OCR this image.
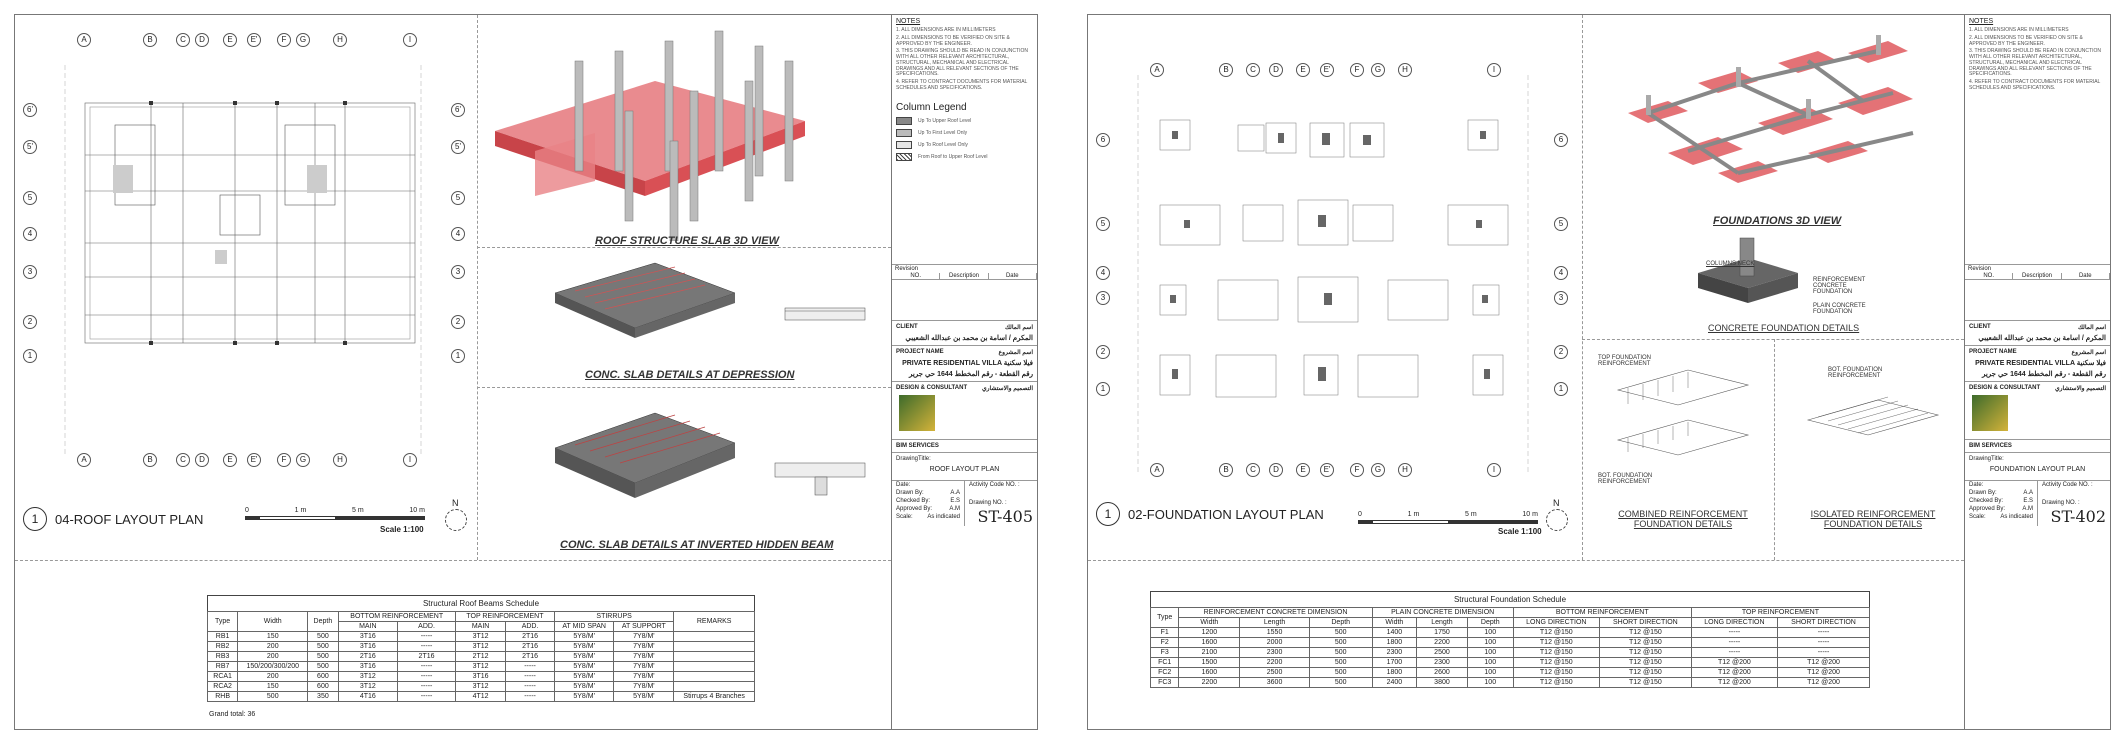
A
A
B
B
C
C
D
D
E
E
E'
E'
F
F
G
G
H
H
I
I
6'	6'
5'	5'
5	5
4	4
3	3
2	2
1	1
1	04-ROOF LAYOUT PLAN
0	1 m	5 m	10 m
Scale 1:100
N
ROOF STRUCTURE SLAB 3D VIEW
CONC. SLAB DETAILS AT DEPRESSION
CONC. SLAB DETAILS AT INVERTED HIDDEN BEAM
Structural Roof Beams Schedule
Type	Width	Depth	BOTTOM REINFORCEMENT		TOP REINFORCEMENT		STIRRUPS		REMARKS
			MAIN	ADD.	MAIN	ADD.	AT MID SPAN	AT SUPPORT	
RB1	150	500	3T16	-----	3T12	2T16	5Y8/M'	7Y8/M'	
RB2	200	500	3T16	-----	3T12	2T16	5Y8/M'	7Y8/M'	
RB3	200	500	2T16	2T16	2T12	2T16	5Y8/M'	7Y8/M'	
RB7	150/200/300/200	500	3T16	-----	3T12	-----	5Y8/M'	7Y8/M'	
RCA1	200	600	3T12	-----	3T16	-----	5Y8/M'	7Y8/M'	
RCA2	150	600	3T12	-----	3T12	-----	5Y8/M'	7Y8/M'	
RHB	500	350	4T16	-----	4T12	-----	5Y8/M'	5Y8/M'	Stirrups 4 Branches
Grand total: 36
NOTES
1. ALL DIMENSIONS ARE IN MILLIMETERS
2. ALL DIMENSIONS TO BE VERIFIED ON SITE & APPROVED BY THE ENGINEER.
3. THIS DRAWING SHOULD BE READ IN CONJUNCTION WITH ALL OTHER RELEVANT ARCHITECTURAL, STRUCTURAL, MECHANICAL AND ELECTRICAL DRAWINGS AND ALL RELEVANT SECTIONS OF THE SPECIFICATIONS.
4. REFER TO CONTRACT DOCUMENTS FOR MATERIAL SCHEDULES AND SPECIFICATIONS.
Column Legend
Up To Upper Roof Level
Up To First Level Only
Up To Roof Level Only
From Roof to Upper Roof Level
Revision
NO.	Description	Date
CLIENT	اسم المالك
المكرم / اسامة بن محمد بن عبدالله الشعيبي
PROJECT NAME	اسم المشروع
PRIVATE RESIDENTIAL VILLA فيلا سكنية
رقم القطعة - رقم المخطط 1644 حي جرير
DESIGN & CONSULTANT التصميم والاستشاري
BIM SERVICES
DrawingTitle:
ROOF LAYOUT PLAN
Date:
Drawn By:	A.A
Checked By:	E.S
Approved By:	A.M
Scale: As indicated
Activity Code NO. :
Drawing NO. :
ST-405
A
A
B
B
C
C
D
D
E
E
E'
E'
F
F
G
G
H
H
I
I
6	6
5	5
4	4
3	3
2	2
1	1
1	02-FOUNDATION LAYOUT PLAN	0	1 m	5 m	10 m
Scale 1:100
N
FOUNDATIONS 3D VIEW
COLUMNS NECK
REINFORCEMENT CONCRETE FOUNDATION
PLAIN CONCRETE FOUNDATION
CONCRETE FOUNDATION DETAILS
TOP FOUNDATION REINFORCEMENT
BOT. FOUNDATION REINFORCEMENT
COMBINED REINFORCEMENT FOUNDATION DETAILS
BOT. FOUNDATION REINFORCEMENT
ISOLATED REINFORCEMENT FOUNDATION DETAILS
Structural Foundation Schedule
Type	REINFORCEMENT CONCRETE DIMENSION			PLAIN CONCRETE DIMENSION			BOTTOM REINFORCEMENT		TOP REINFORCEMENT	
	Width	Length	Depth	Width	Length	Depth	LONG DIRECTION	SHORT DIRECTION	LONG DIRECTION	SHORT DIRECTION
F1	1200	1550	500	1400	1750	100	T12 @150	T12 @150	-----	-----
F2	1600	2000	500	1800	2200	100	T12 @150	T12 @150	-----	-----
F3	2100	2300	500	2300	2500	100	T12 @150	T12 @150	-----	-----
FC1	1500	2200	500	1700	2300	100	T12 @150	T12 @150	T12 @200	T12 @200
FC2	1600	2500	500	1800	2600	100	T12 @150	T12 @150	T12 @200	T12 @200
FC3	2200	3600	500	2400	3800	100	T12 @150	T12 @150	T12 @200	T12 @200
NOTES
1. ALL DIMENSIONS ARE IN MILLIMETERS
2. ALL DIMENSIONS TO BE VERIFIED ON SITE & APPROVED BY THE ENGINEER.
3. THIS DRAWING SHOULD BE READ IN CONJUNCTION WITH ALL OTHER RELEVANT ARCHITECTURAL, STRUCTURAL, MECHANICAL AND ELECTRICAL DRAWINGS AND ALL RELEVANT SECTIONS OF THE SPECIFICATIONS.
4. REFER TO CONTRACT DOCUMENTS FOR MATERIAL SCHEDULES AND SPECIFICATIONS.
Revision
NO.	Description	Date
CLIENT	اسم المالك
المكرم / اسامة بن محمد بن عبدالله الشعيبي
PROJECT NAME	اسم المشروع
PRIVATE RESIDENTIAL VILLA فيلا سكنية
رقم القطعة - رقم المخطط 1644 حي جرير
DESIGN & CONSULTANT التصميم والاستشاري
BIM SERVICES
DrawingTitle:
FOUNDATION LAYOUT PLAN
Date:
Drawn By:	A.A
Checked By:	E.S
Approved By:	A.M
Scale: As indicated
Activity Code NO. :
Drawing NO. :
ST-402
